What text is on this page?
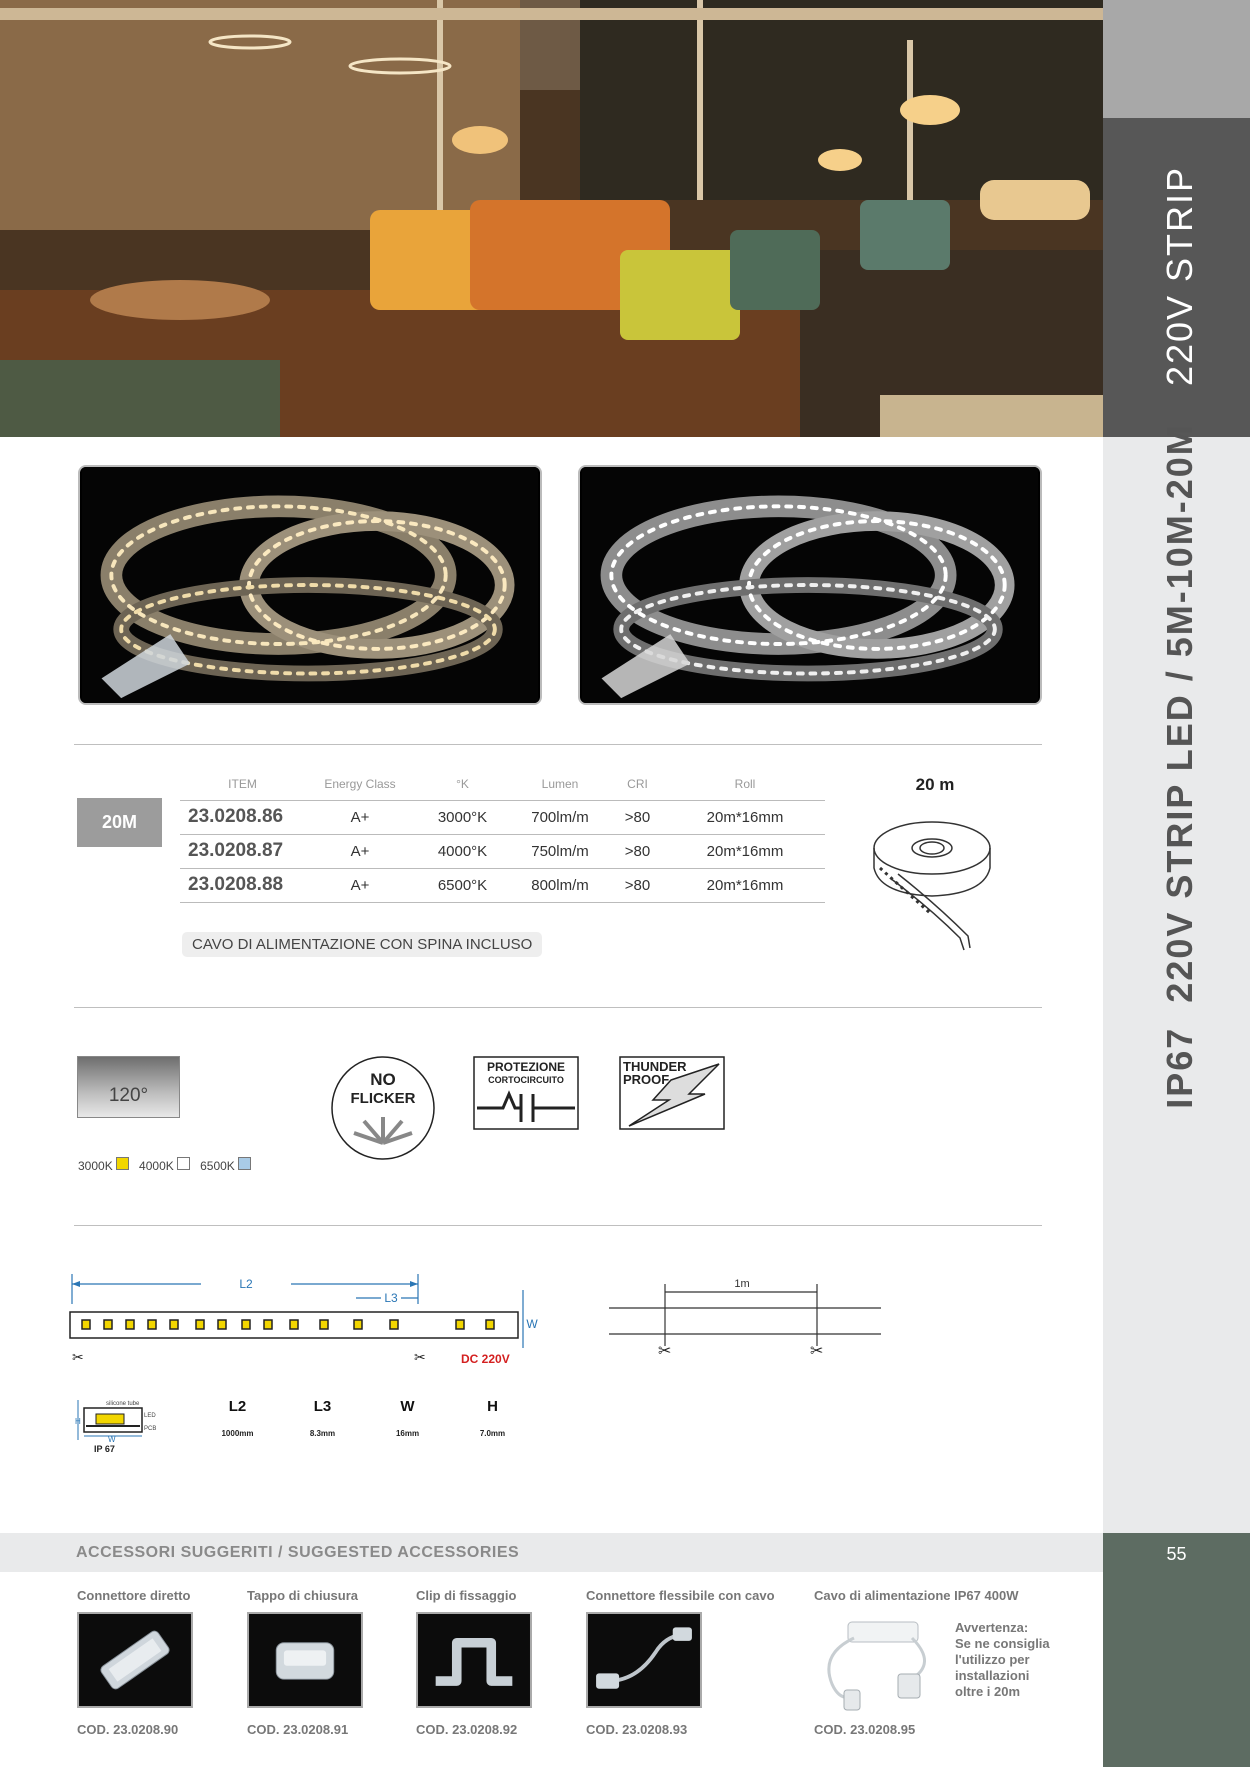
220V STRIP
IP67  220V STRIP LED / 5M-10M-20M
55
20M
ITEM	Energy Class	°K	Lumen	CRI	Roll
23.0208.86	A+	3000°K	700lm/m	>80	20m*16mm
23.0208.87	A+	4000°K	750lm/m	>80	20m*16mm
23.0208.88	A+	6500°K	800lm/m	>80	20m*16mm
20 m
CAVO DI ALIMENTAZIONE CON SPINA INCLUSO
120°
3000K	4000K	6500K
NO
FLICKER
PROTEZIONE
CORTOCIRCUITO
THUNDER
PROOF
L2
L3
W
✂	✂	DC 220V
1m
✂	✂
silicone tube
LED
PCB
H
W
IP 67
L2	L3	W	H
1000mm	8.3mm	16mm	7.0mm
ACCESSORI SUGGERITI / SUGGESTED ACCESSORIES
Connettore diretto
COD. 23.0208.90
Tappo di chiusura
COD. 23.0208.91
Clip di fissaggio
COD. 23.0208.92
Connettore flessibile con cavo
COD. 23.0208.93
Cavo di alimentazione IP67 400W
Avvertenza:
Se ne consiglia
l'utilizzo per
installazioni
oltre i 20m
COD. 23.0208.95
